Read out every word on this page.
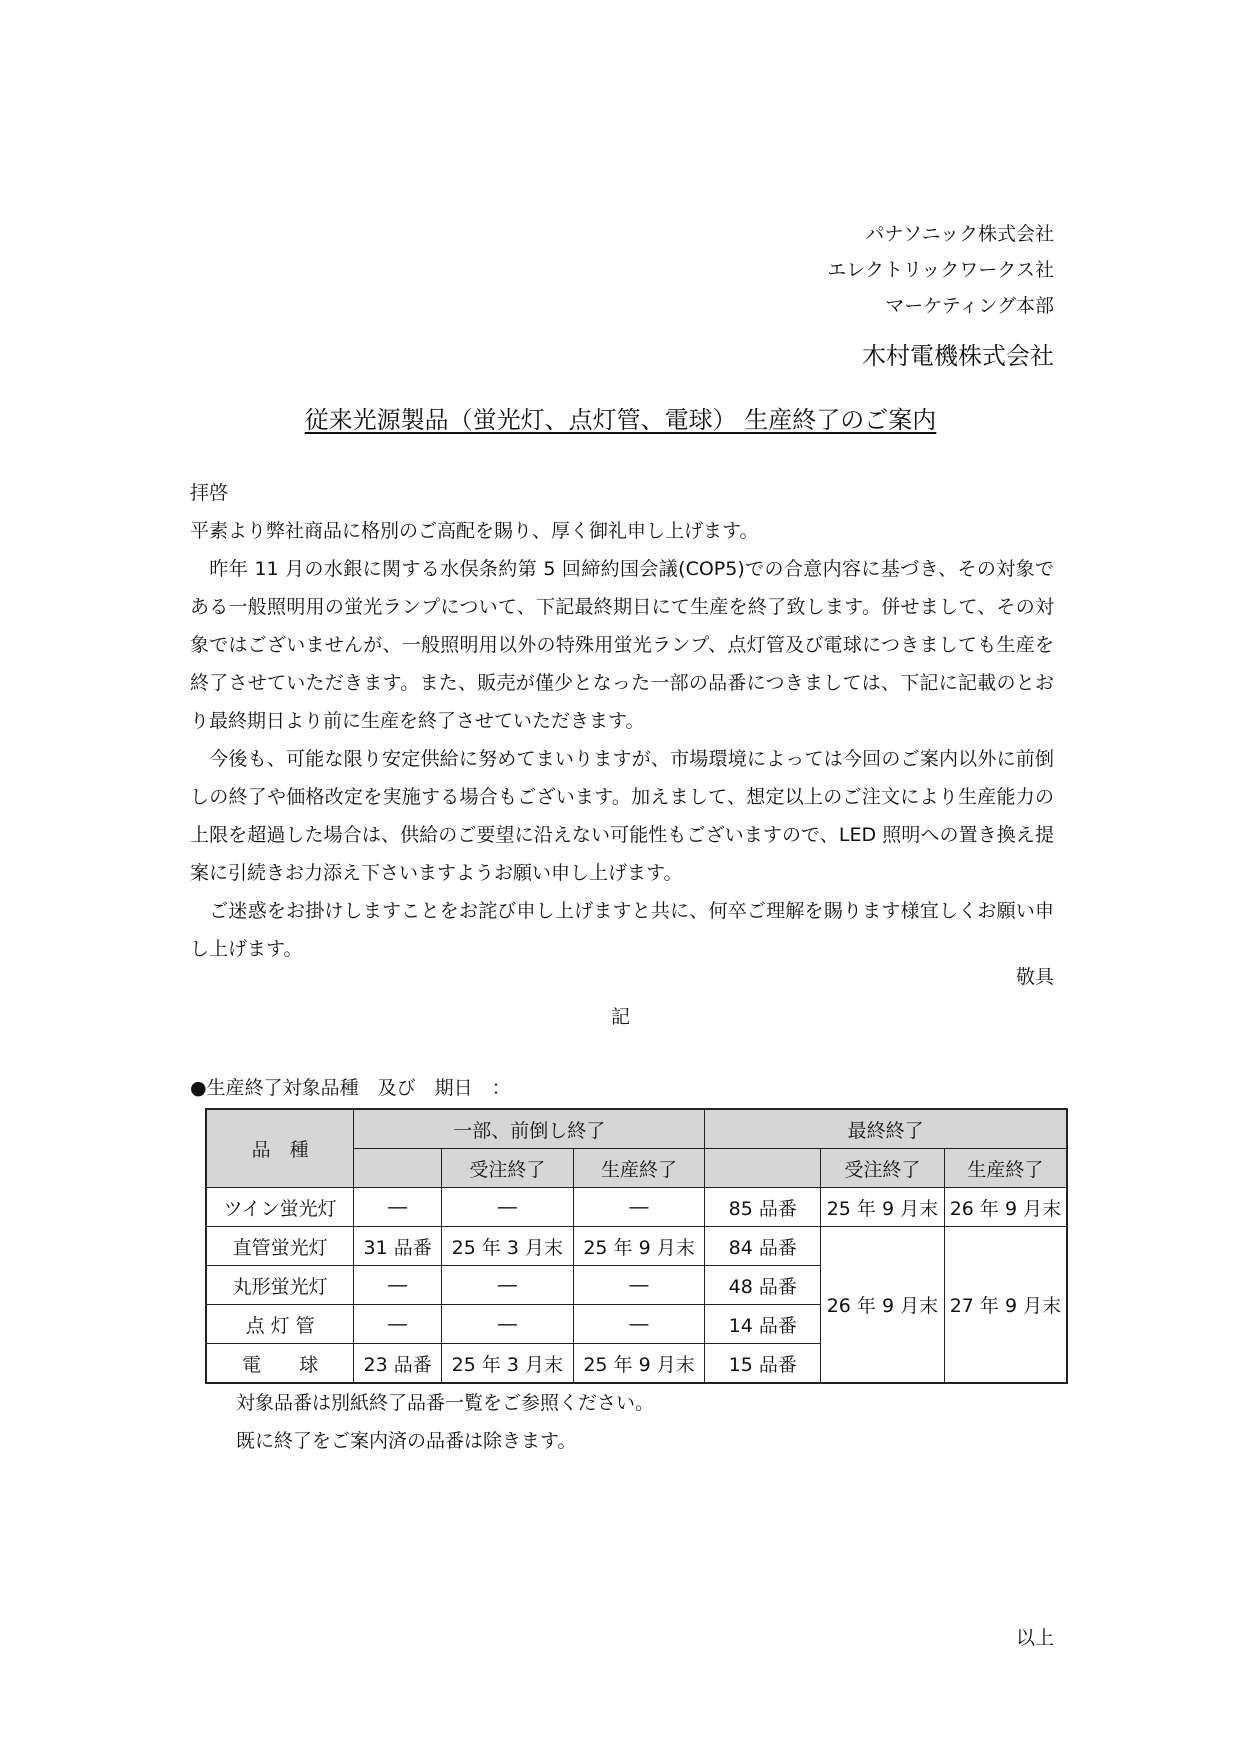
パナソニック株式会社
エレクトリックワークス社
マーケティング本部
木村電機株式会社
従来光源製品（蛍光灯、点灯管、電球） 生産終了のご案内
拝啓

平素より弊社商品に格別のご高配を賜り、厚く御礼申し上げます。

　昨年 11 月の水銀に関する水俣条約第 5 回締約国会議(COP5)での合意内容に基づき、その対象である一般照明用の蛍光ランプについて、下記最終期日にて生産を終了致します。併せまして、その対象ではございませんが、一般照明用以外の特殊用蛍光ランプ、点灯管及び電球につきましても生産を終了させていただきます。また、販売が僅少となった一部の品番につきましては、下記に記載のとおり最終期日より前に生産を終了させていただきます。

　今後も、可能な限り安定供給に努めてまいりますが、市場環境によっては今回のご案内以外に前倒しの終了や価格改定を実施する場合もございます。加えまして、想定以上のご注文により生産能力の上限を超過した場合は、供給のご要望に沿えない可能性もございますので、LED 照明への置き換え提案に引続きお力添え下さいますようお願い申し上げます。

　ご迷惑をお掛けしますことをお詫び申し上げますと共に、何卒ご理解を賜ります様宜しくお願い申し上げます。

敬具
記
●生産終了対象品種　及び　期日　：
品　種	一部、前倒し終了			最終終了		
		受注終了	生産終了		受注終了	生産終了
ツイン蛍光灯	―	―	―	85 品番	25 年 9 月末	26 年 9 月末
直管蛍光灯	31 品番	25 年 3 月末	25 年 9 月末	84 品番	26 年 9 月末	27 年 9 月末
丸形蛍光灯	―	―	―	48 品番		
点 灯 管	―	―	―	14 品番		
電　　球	23 品番	25 年 3 月末	25 年 9 月末	15 品番		
対象品番は別紙終了品番一覧をご参照ください。
既に終了をご案内済の品番は除きます。
以上
